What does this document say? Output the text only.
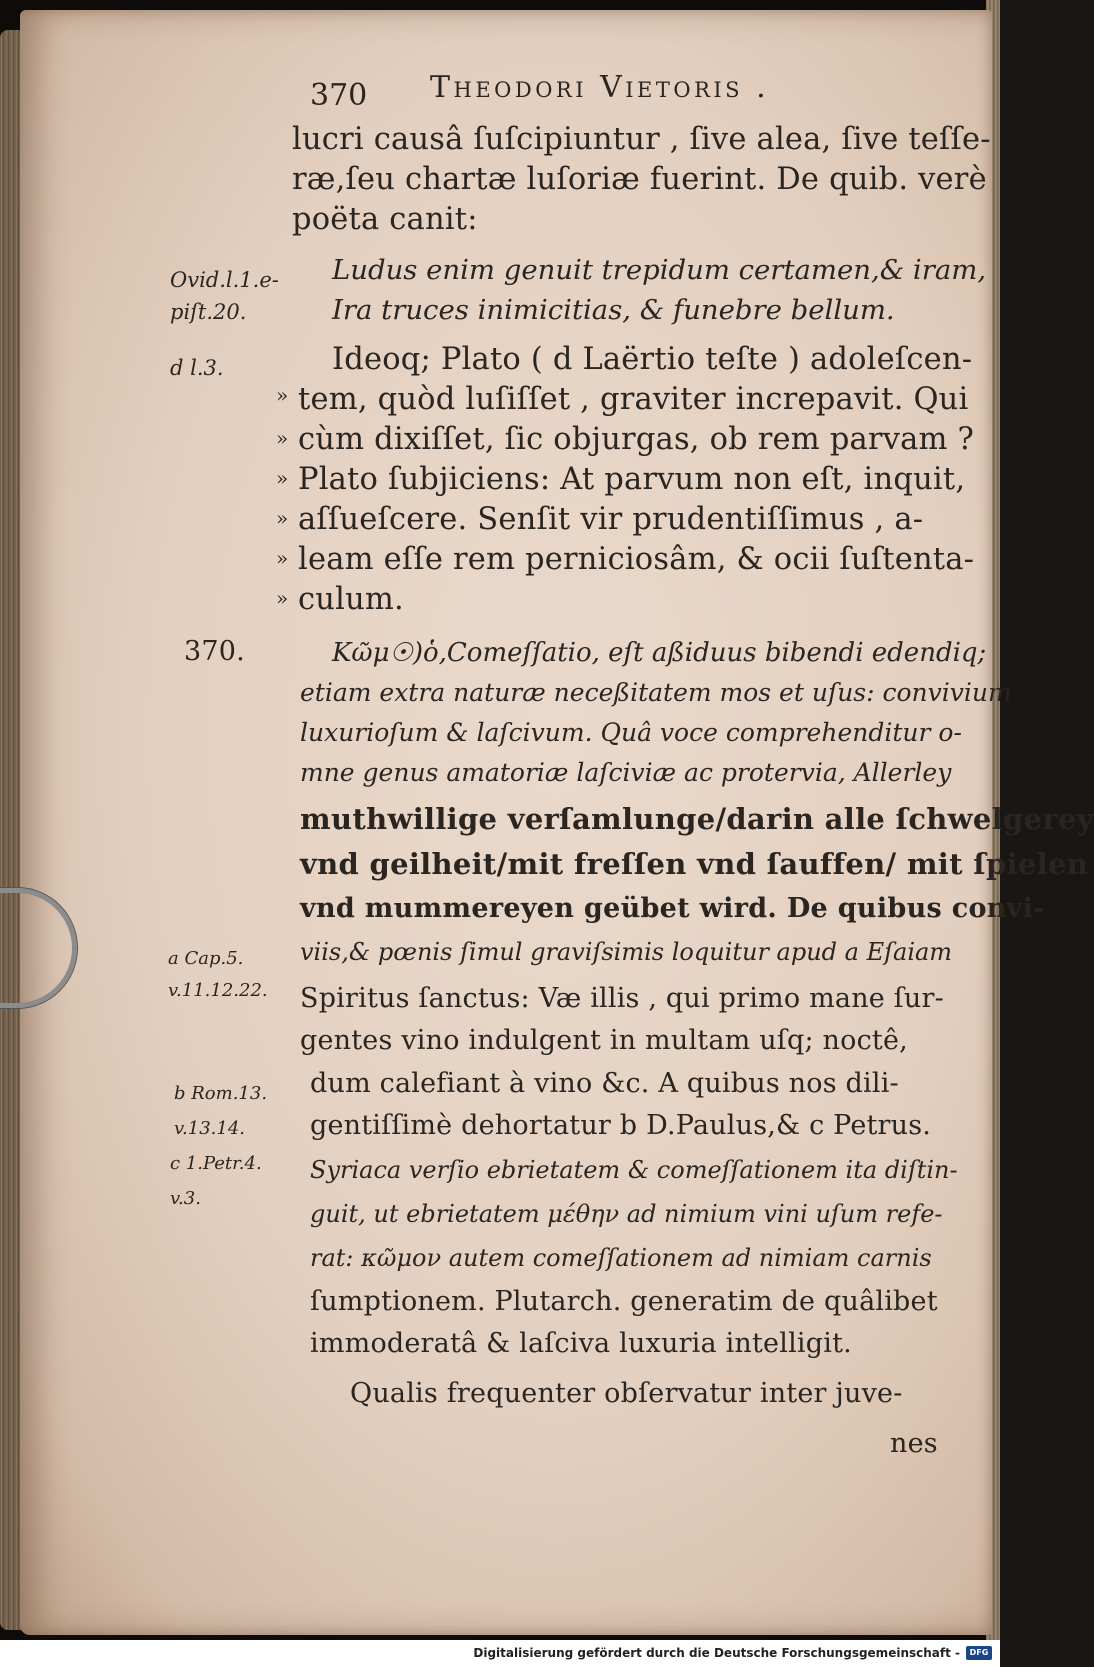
370 Theodori Vietoris .
lucri causâ ſuſcipiuntur , ſive alea, ſive teſſe-
ræ,ſeu chartæ luſoriæ fuerint. De quib. verè
poëta canit:
Ludus enim genuit trepidum certamen,& iram,
Ira truces inimicitias, & funebre bellum.
Ideoq; Plato ( d Laërtio teſte ) adoleſcen-
tem, quòd luſiſſet , graviter increpavit. Qui
cùm dixiſſet, ſic objurgas, ob rem parvam ?
Plato ſubjiciens: At parvum non eſt, inquit,
aſſueſcere. Senſit vir prudentiſſimus , a-
leam eſſe rem perniciosâm, & ocii ſuſtenta-
culum.
»
»
»
»
»
»
Κῶμ☉)ὁ,Comeſſatio, eſt aßiduus bibendi edendiq;
etiam extra naturæ neceßitatem mos et uſus: convivium
luxurioſum & laſcivum. Quâ voce comprehenditur o-
mne genus amatoriæ laſciviæ ac protervia, Allerley
muthwillige verſamlunge/darin alle ſchwelgerey
vnd geilheit/mit freſſen vnd ſauffen/ mit ſpielen
vnd mummereyen geübet wird. De quibus convi-
viis,& pœnis ſimul graviſsimis loquitur apud a Eſaiam
Spiritus ſanctus: Væ illis , qui primo mane ſur-
gentes vino indulgent in multam uſq; noctê,
dum calefiant à vino &c. A quibus nos dili-
gentiſſimè dehortatur b D.Paulus,& c Petrus.
Syriaca verſio ebrietatem & comeſſationem ita diſtin-
guit, ut ebrietatem μέθην ad nimium vini uſum refe-
rat: κῶμον autem comeſſationem ad nimiam carnis
ſumptionem. Plutarch. generatim de quâlibet
immoderatâ & laſciva luxuria intelligit.
Qualis frequenter obſervatur inter juve-
nes
Ovid.l.1.e-
piſt.20.
d l.3.
370.
a Cap.5.
v.11.12.22.
b Rom.13.
v.13.14.
c 1.Petr.4.
v.3.
Digitalisierung gefördert durch die Deutsche Forschungsgemeinschaft -	DFG
